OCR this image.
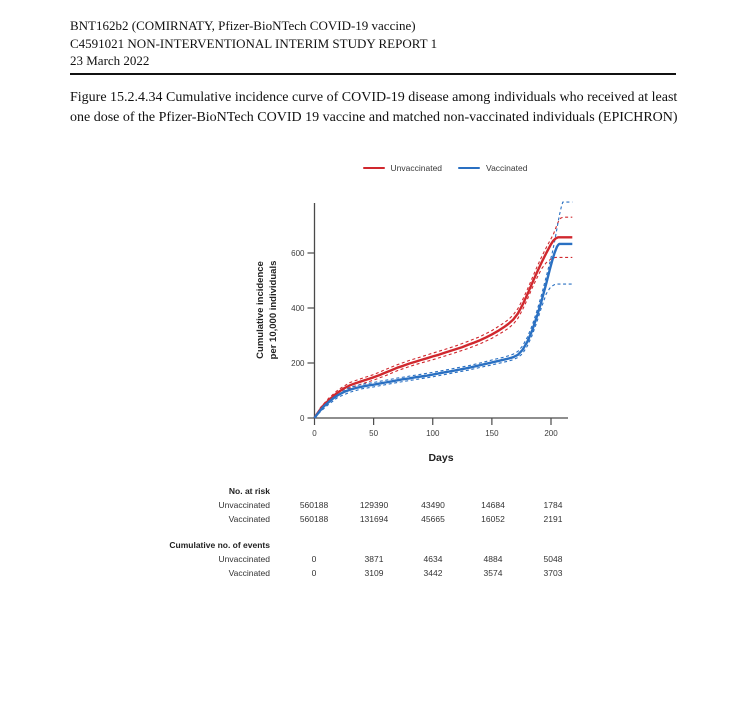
BNT162b2 (COMIRNATY, Pfizer-BioNTech COVID-19 vaccine)
C4591021 NON-INTERVENTIONAL INTERIM STUDY REPORT 1
23 March 2022
Figure 15.2.4.34 Cumulative incidence curve of COVID-19 disease among individuals who received at least one dose of the Pfizer-BioNTech COVID 19 vaccine and matched non-vaccinated individuals (EPICHRON)
Unvaccinated	Vaccinated
Cumulative incidence per 10,000 individuals
0
200
400
600
0	50	100	150	200
Days
No. at risk
Unvaccinated	560188	129390	43490	14684	1784
Vaccinated	560188	131694	45665	16052	2191
Cumulative no. of events
Unvaccinated	0	3871	4634	4884	5048
Vaccinated	0	3109	3442	3574	3703
